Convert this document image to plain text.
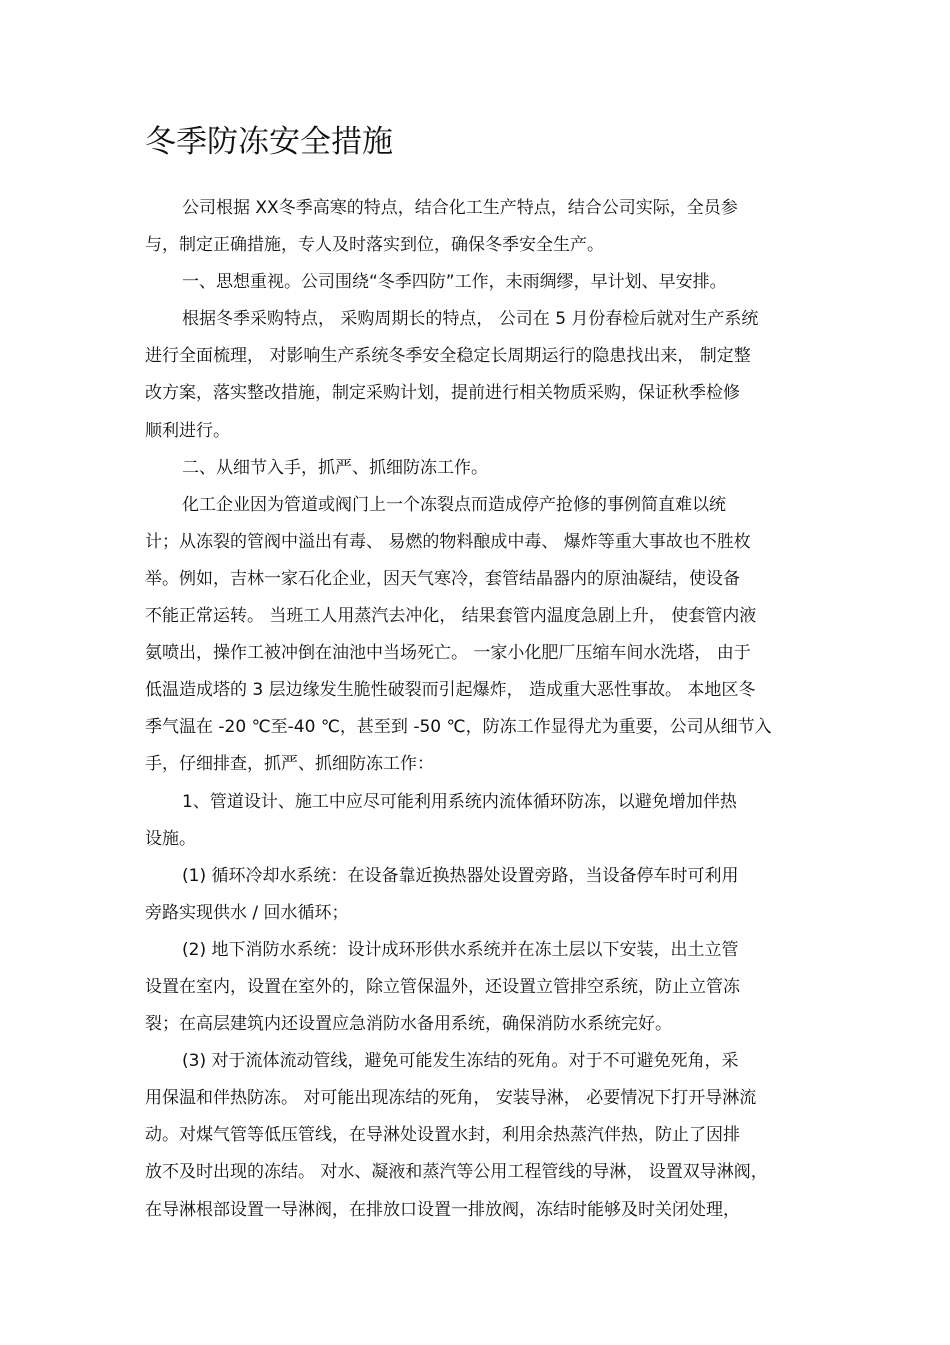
冬季防冻安全措施
公司根据 XX冬季高寒的特点，结合化工生产特点，结合公司实际，全员参
与，制定正确措施，专人及时落实到位，确保冬季安全生产。
一、思想重视。公司围绕“冬季四防”工作，未雨绸缪，早计划、早安排。
根据冬季采购特点， 采购周期长的特点， 公司在 5 月份春检后就对生产系统
进行全面梳理， 对影响生产系统冬季安全稳定长周期运行的隐患找出来， 制定整
改方案，落实整改措施，制定采购计划，提前进行相关物质采购，保证秋季检修
顺利进行。
二、从细节入手，抓严、抓细防冻工作。
化工企业因为管道或阀门上一个冻裂点而造成停产抢修的事例简直难以统
计；从冻裂的管阀中溢出有毒、 易燃的物料酿成中毒、 爆炸等重大事故也不胜枚
举。例如，吉林一家石化企业，因天气寒冷，套管结晶器内的原油凝结，使设备
不能正常运转。 当班工人用蒸汽去冲化， 结果套管内温度急剧上升， 使套管内液
氨喷出，操作工被冲倒在油池中当场死亡。 一家小化肥厂压缩车间水洗塔， 由于
低温造成塔的 3 层边缘发生脆性破裂而引起爆炸， 造成重大恶性事故。 本地区冬
季气温在 -20 ℃至-40 ℃，甚至到 -50 ℃，防冻工作显得尤为重要，公司从细节入
手，仔细排查，抓严、抓细防冻工作：
1、管道设计、施工中应尽可能利用系统内流体循环防冻，以避免增加伴热
设施。
(1) 循环冷却水系统：在设备靠近换热器处设置旁路，当设备停车时可利用
旁路实现供水 / 回水循环；
(2) 地下消防水系统：设计成环形供水系统并在冻土层以下安装，出土立管
设置在室内，设置在室外的，除立管保温外，还设置立管排空系统，防止立管冻
裂；在高层建筑内还设置应急消防水备用系统，确保消防水系统完好。
(3) 对于流体流动管线，避免可能发生冻结的死角。对于不可避免死角，采
用保温和伴热防冻。 对可能出现冻结的死角， 安装导淋， 必要情况下打开导淋流
动。对煤气管等低压管线，在导淋处设置水封，利用余热蒸汽伴热，防止了因排
放不及时出现的冻结。 对水、凝液和蒸汽等公用工程管线的导淋， 设置双导淋阀，
在导淋根部设置一导淋阀，在排放口设置一排放阀，冻结时能够及时关闭处理，
